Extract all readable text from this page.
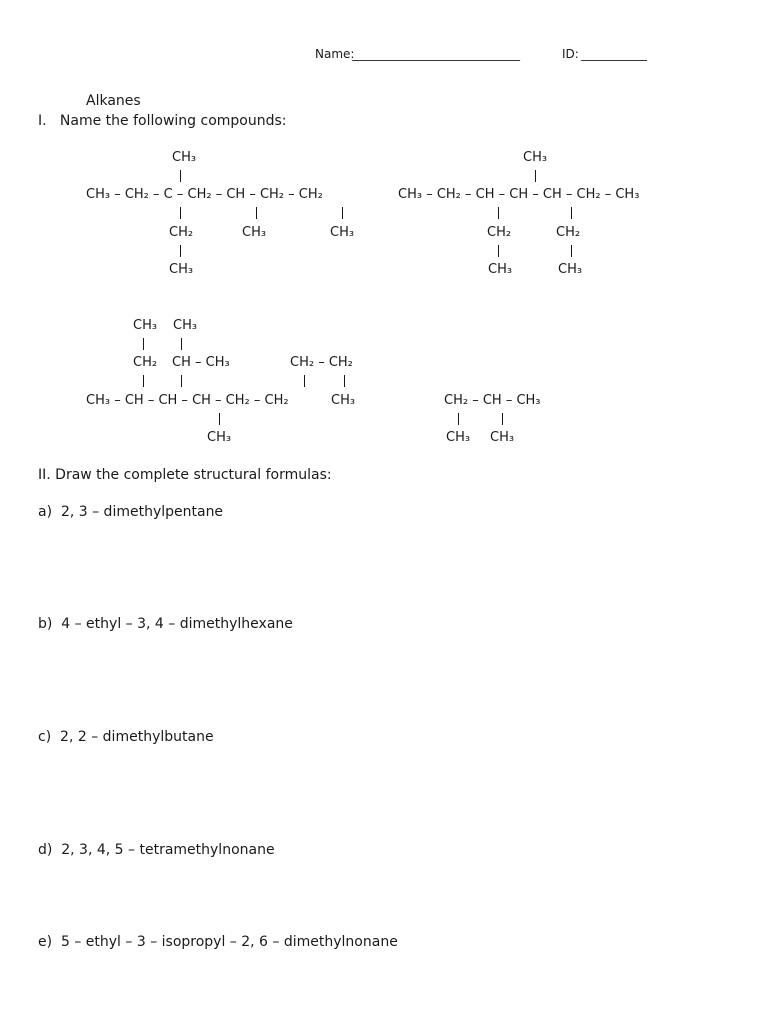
Name:
____________________________	ID: ___________
Alkanes
I.   Name the following compounds:
CH₃
CH₃ – CH₂ – C – CH₂ – CH – CH₂ – CH₂
CH₂	CH₃	CH₃
CH₃
CH₃
CH₃ – CH₂ – CH – CH – CH – CH₂ – CH₃
CH₂	CH₂
CH₃	CH₃
CH₃ CH₃
CH₂ CH – CH₃	CH₂ – CH₂
CH₃ – CH – CH – CH – CH₂ – CH₂	CH₃
CH₃
CH₂ – CH – CH₃
CH₃ CH₃
II. Draw the complete structural formulas:
a)  2, 3 – dimethylpentane
b)  4 – ethyl – 3, 4 – dimethylhexane
c)  2, 2 – dimethylbutane
d)  2, 3, 4, 5 – tetramethylnonane
e)  5 – ethyl – 3 – isopropyl – 2, 6 – dimethylnonane
